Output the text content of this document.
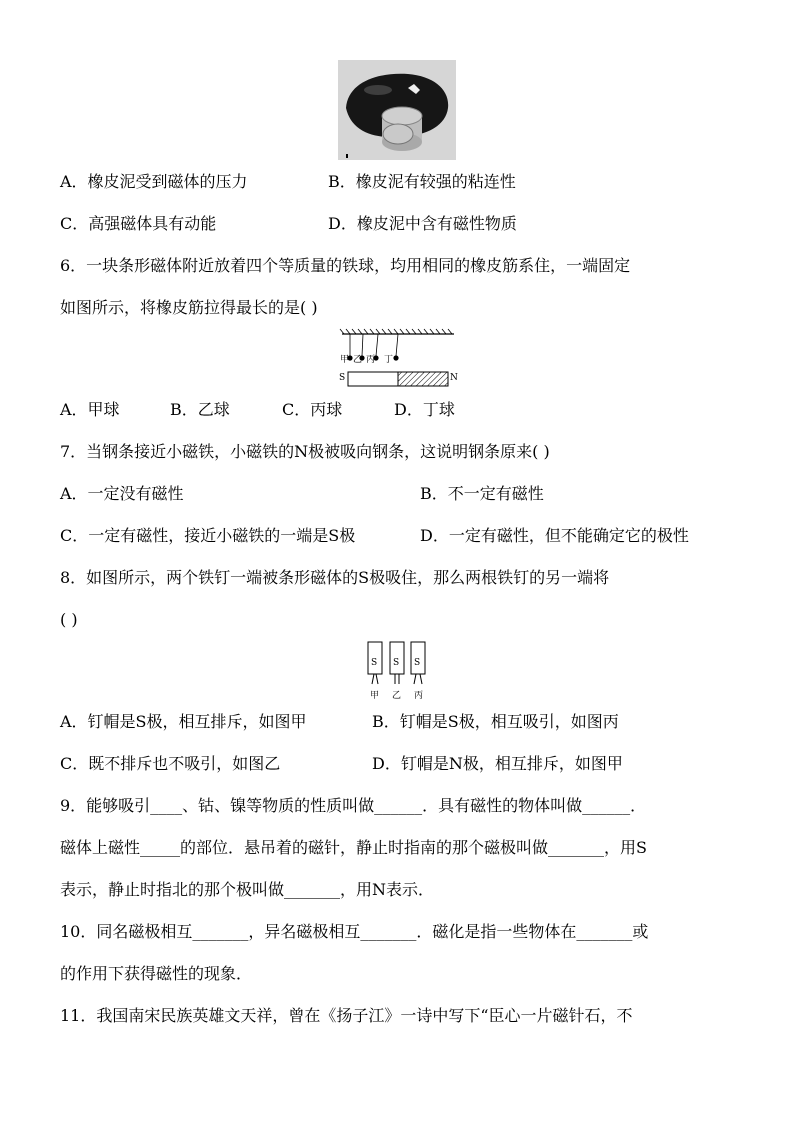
A．橡皮泥受到磁体的压力	B．橡皮泥有较强的粘连性
C．高强磁体具有动能	D．橡皮泥中含有磁性物质
6．一块条形磁体附近放着四个等质量的铁球，均用相同的橡皮筋系住，一端固定
如图所示，将橡皮筋拉得最长的是( )
甲 乙 丙 丁
S	N
A．甲球	B．乙球	C．丙球	D．丁球
7．当钢条接近小磁铁，小磁铁的N极被吸向钢条，这说明钢条原来( )
A．一定没有磁性	B．不一定有磁性
C．一定有磁性，接近小磁铁的一端是S极	D．一定有磁性，但不能确定它的极性
8．如图所示，两个铁钉一端被条形磁体的S极吸住，那么两根铁钉的另一端将
( )
S S S
甲 乙 丙
A．钉帽是S极，相互排斥，如图甲	B．钉帽是S极，相互吸引，如图丙
C．既不排斥也不吸引，如图乙	D．钉帽是N极，相互排斥，如图甲
9．能够吸引____、钴、镍等物质的性质叫做______．具有磁性的物体叫做______．
磁体上磁性_____的部位．悬吊着的磁针，静止时指南的那个磁极叫做_______，用S
表示，静止时指北的那个极叫做_______，用N表示．
10．同名磁极相互_______，异名磁极相互_______．磁化是指一些物体在_______或
的作用下获得磁性的现象．
11．我国南宋民族英雄文天祥，曾在《扬子江》一诗中写下“臣心一片磁针石，不
